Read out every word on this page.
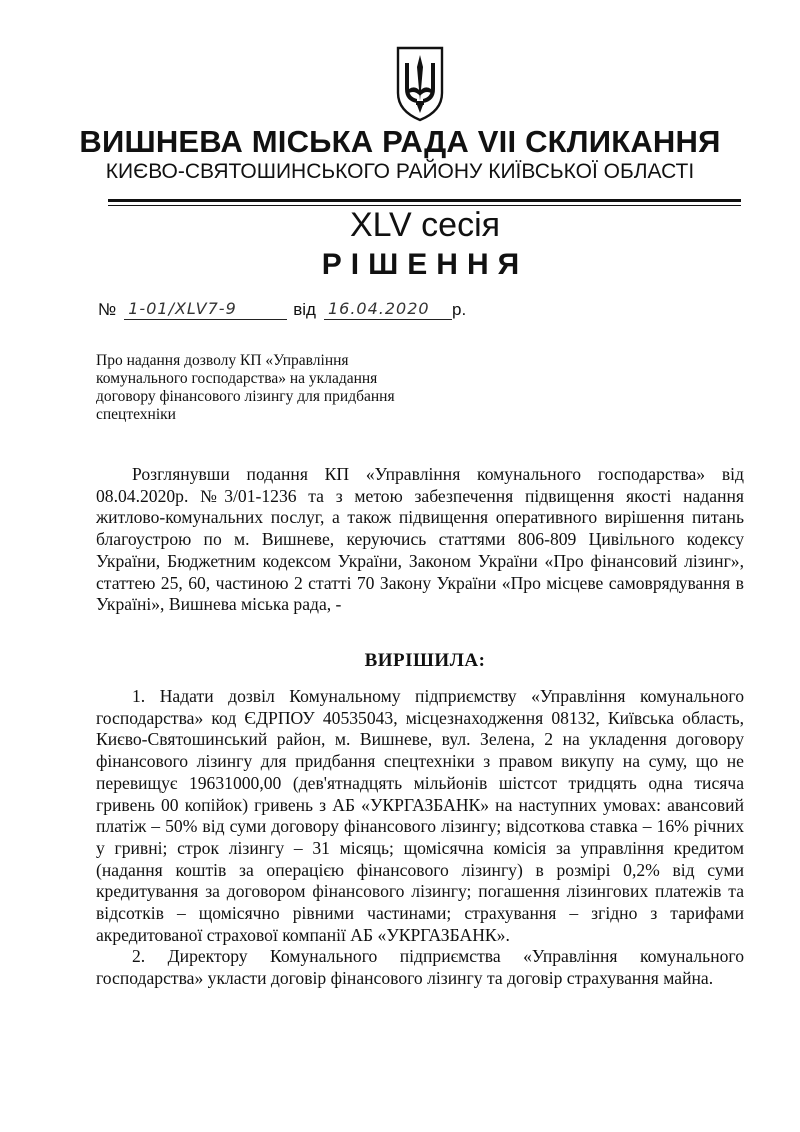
ВИШНЕВА МІСЬКА РАДА VII СКЛИКАННЯ
КИЄВО-СВЯТОШИНСЬКОГО РАЙОНУ КИЇВСЬКОЇ ОБЛАСТІ
XLV сесія
РІШЕННЯ
№ 1-01/XLV7-9	від 16.04.2020	р.
Про надання дозволу КП «Управління комунального господарства» на укладання договору фінансового лізингу для придбання спецтехніки

Розглянувши подання КП «Управління комунального господарства» від 08.04.2020р. №3/01-1236 та з метою забезпечення підвищення якості надання житлово-комунальних послуг, а також підвищення оперативного вирішення питань благоустрою по м. Вишневе, керуючись статтями 806-809 Цивільного кодексу України, Бюджетним кодексом України, Законом України «Про фінансовий лізинг», статтею 25, 60, частиною 2 статті 70 Закону України «Про місцеве самоврядування в Україні», Вишнева міська рада, -

ВИРІШИЛА:

1. Надати дозвіл Комунальному підприємству «Управління комунального господарства» код ЄДРПОУ 40535043, місцезнаходження 08132, Київська область, Києво-Святошинський район, м. Вишневе, вул. Зелена, 2 на укладення договору фінансового лізингу для придбання спецтехніки з правом викупу на суму, що не перевищує 19631000,00 (дев'ятнадцять мільйонів шістсот тридцять одна тисяча гривень 00 копійок) гривень з АБ «УКРГАЗБАНК» на наступних умовах: авансовий платіж – 50% від суми договору фінансового лізингу; відсоткова ставка – 16% річних у гривні; строк лізингу – 31 місяць; щомісячна комісія за управління кредитом (надання коштів за операцією фінансового лізингу) в розмірі 0,2% від суми кредитування за договором фінансового лізингу; погашення лізингових платежів та відсотків – щомісячно рівними частинами; страхування – згідно з тарифами акредитованої страхової компанії АБ «УКРГАЗБАНК».

2. Директору Комунального підприємства «Управління комунального господарства» укласти договір фінансового лізингу та договір страхування майна.
